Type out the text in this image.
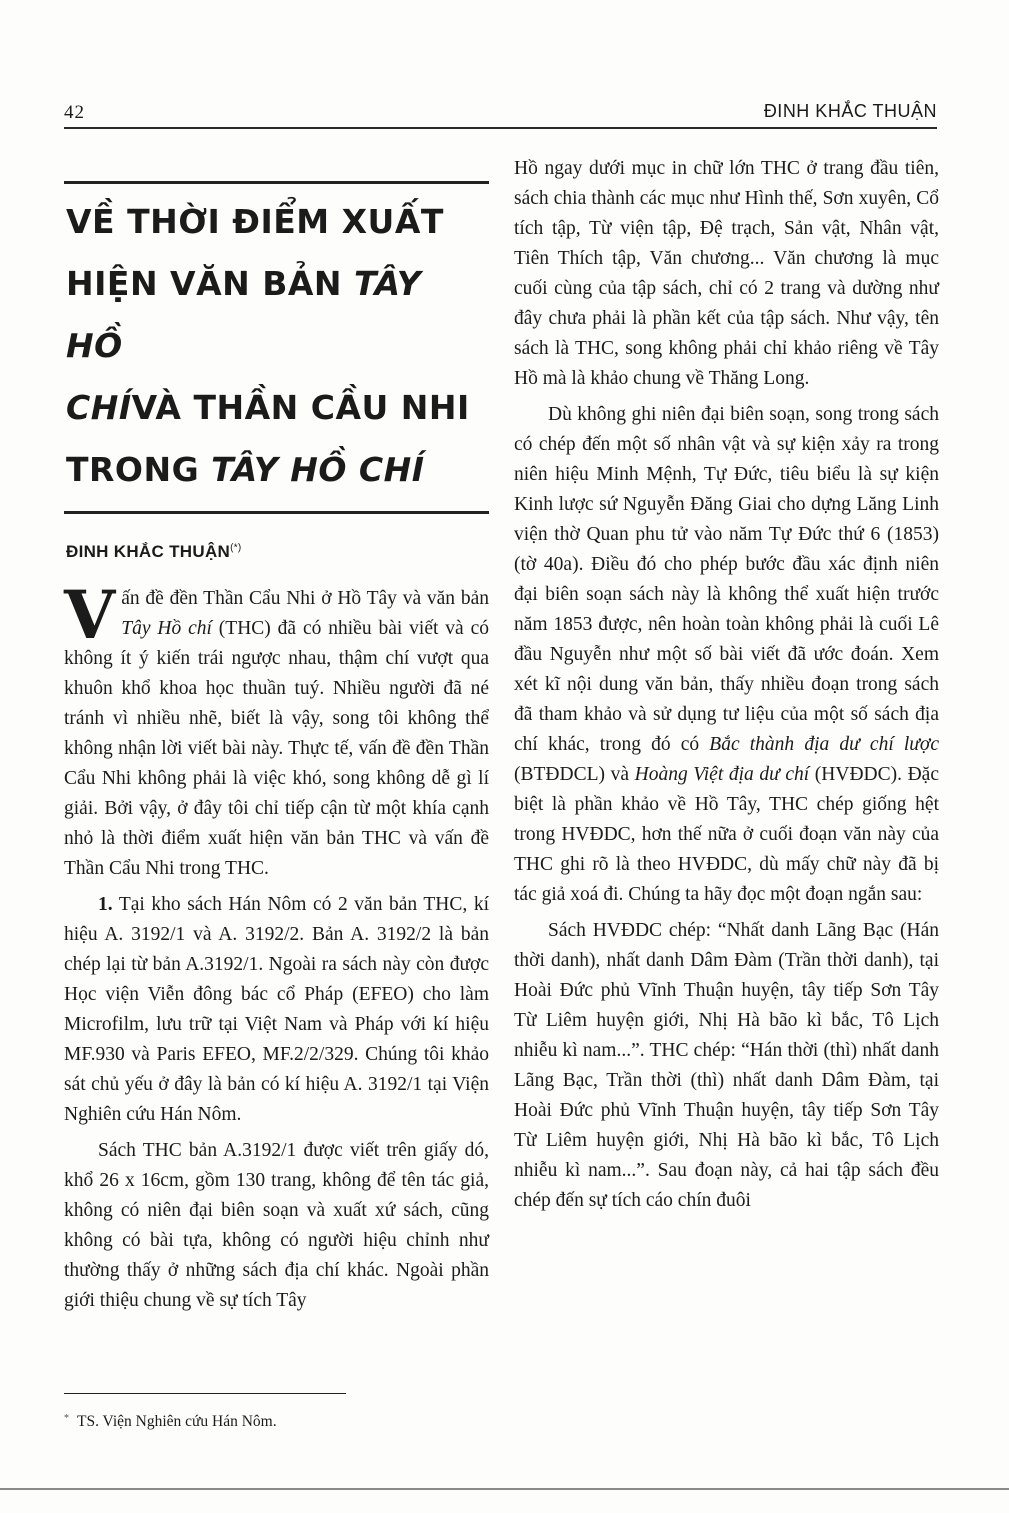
42	ĐINH KHẮC THUẬN
VỀ THỜI ĐIỂM XUẤT
HIỆN VĂN BẢN TÂY HỒ
CHÍVÀ THẦN CẦU NHI
TRONG TÂY HỒ CHÍ
ĐINH KHẮC THUẬN(*)

Vấn đề đền Thần Cẩu Nhi ở Hồ Tây và văn bản Tây Hồ chí (THC) đã có nhiều bài viết và có không ít ý kiến trái ngược nhau, thậm chí vượt qua khuôn khổ khoa học thuần tuý. Nhiều người đã né tránh vì nhiều nhẽ, biết là vậy, song tôi không thể không nhận lời viết bài này. Thực tế, vấn đề đền Thần Cẩu Nhi không phải là việc khó, song không dễ gì lí giải. Bởi vậy, ở đây tôi chỉ tiếp cận từ một khía cạnh nhỏ là thời điểm xuất hiện văn bản THC và vấn đề Thần Cẩu Nhi trong THC.

1. Tại kho sách Hán Nôm có 2 văn bản THC, kí hiệu A. 3192/1 và A. 3192/2. Bản A. 3192/2 là bản chép lại từ bản A.3192/1. Ngoài ra sách này còn được Học viện Viễn đông bác cổ Pháp (EFEO) cho làm Microfilm, lưu trữ tại Việt Nam và Pháp với kí hiệu MF.930 và Paris EFEO, MF.2/2/329. Chúng tôi khảo sát chủ yếu ở đây là bản có kí hiệu A. 3192/1 tại Viện Nghiên cứu Hán Nôm.

Sách THC bản A.3192/1 được viết trên giấy dó, khổ 26 x 16cm, gồm 130 trang, không để tên tác giả, không có niên đại biên soạn và xuất xứ sách, cũng không có bài tựa, không có người hiệu chỉnh như thường thấy ở những sách địa chí khác. Ngoài phần giới thiệu chung về sự tích Tây

Hồ ngay dưới mục in chữ lớn THC ở trang đầu tiên, sách chia thành các mục như Hình thế, Sơn xuyên, Cổ tích tập, Từ viện tập, Đệ trạch, Sản vật, Nhân vật, Tiên Thích tập, Văn chương... Văn chương là mục cuối cùng của tập sách, chỉ có 2 trang và dường như đây chưa phải là phần kết của tập sách. Như vậy, tên sách là THC, song không phải chỉ khảo riêng về Tây Hồ mà là khảo chung về Thăng Long.

Dù không ghi niên đại biên soạn, song trong sách có chép đến một số nhân vật và sự kiện xảy ra trong niên hiệu Minh Mệnh, Tự Đức, tiêu biểu là sự kiện Kinh lược sứ Nguyễn Đăng Giai cho dựng Lăng Linh viện thờ Quan phu tử vào năm Tự Đức thứ 6 (1853) (tờ 40a). Điều đó cho phép bước đầu xác định niên đại biên soạn sách này là không thể xuất hiện trước năm 1853 được, nên hoàn toàn không phải là cuối Lê đầu Nguyễn như một số bài viết đã ước đoán. Xem xét kĩ nội dung văn bản, thấy nhiều đoạn trong sách đã tham khảo và sử dụng tư liệu của một số sách địa chí khác, trong đó có Bắc thành địa dư chí lược (BTĐDCL) và Hoàng Việt địa dư chí (HVĐDC). Đặc biệt là phần khảo về Hồ Tây, THC chép giống hệt trong HVĐDC, hơn thế nữa ở cuối đoạn văn này của THC ghi rõ là theo HVĐDC, dù mấy chữ này đã bị tác giả xoá đi. Chúng ta hãy đọc một đoạn ngắn sau:

Sách HVĐDC chép: “Nhất danh Lãng Bạc (Hán thời danh), nhất danh Dâm Đàm (Trần thời danh), tại Hoài Đức phủ Vĩnh Thuận huyện, tây tiếp Sơn Tây Từ Liêm huyện giới, Nhị Hà bão kì bắc, Tô Lịch nhiễu kì nam...”. THC chép: “Hán thời (thì) nhất danh Lãng Bạc, Trần thời (thì) nhất danh Dâm Đàm, tại Hoài Đức phủ Vĩnh Thuận huyện, tây tiếp Sơn Tây Từ Liêm huyện giới, Nhị Hà bão kì bắc, Tô Lịch nhiễu kì nam...”. Sau đoạn này, cả hai tập sách đều chép đến sự tích cáo chín đuôi

* TS. Viện Nghiên cứu Hán Nôm.
